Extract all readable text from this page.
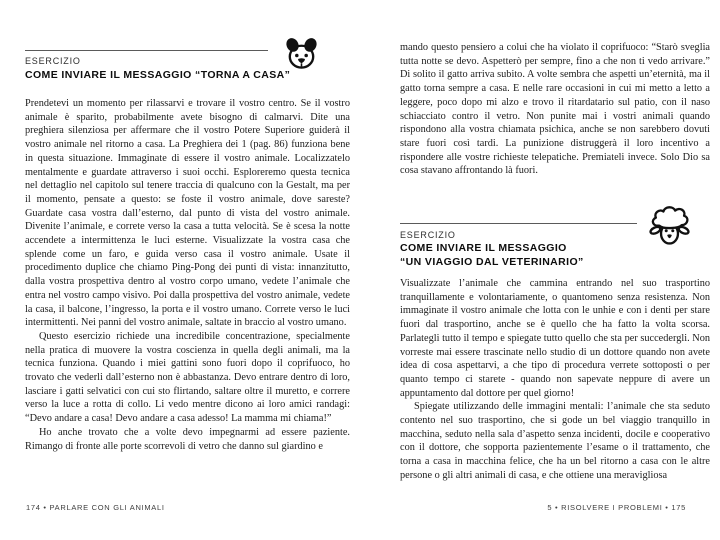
ESERCIZIO
COME INVIARE IL MESSAGGIO “TORNA A CASA”

Prendetevi un momento per rilassarvi e trovare il vostro centro. Se il vostro animale è sparito, probabilmente avete bisogno di calmarvi. Dite una preghiera silenziosa per affermare che il vostro Potere Superiore guiderà il vostro animale nel ritorno a casa. La Preghiera dei 1 (pag. 86) funziona bene in questa situazione. Immaginate di essere il vostro animale. Localizzatelo mentalmente e guardate attraverso i suoi occhi. Esploreremo questa tecnica nel dettaglio nel capitolo sul tenere traccia di qualcuno con la Gestalt, ma per il momento, pensate a questo: se foste il vostro animale, dove sareste? Guardate casa vostra dall’esterno, dal punto di vista del vostro animale. Divenite l’animale, e correte verso la casa a tutta velocità. Se è scesa la notte accendete a intermittenza le luci esterne. Visualizzate la vostra casa che splende come un faro, e guida verso casa il vostro animale. Usate il procedimento duplice che chiamo Ping-Pong dei punti di vista: innanzitutto, dalla vostra prospettiva dentro al vostro corpo umano, vedete l’animale che entra nel vostro campo visivo. Poi dalla prospettiva del vostro animale, vedete la casa, il balcone, l’ingresso, la porta e il vostro umano. Correte verso le luci intermittenti. Nei panni del vostro animale, saltate in braccio al vostro umano.

Questo esercizio richiede una incredibile concentrazione, specialmente nella pratica di muovere la vostra coscienza in quella degli animali, ma la tecnica funziona. Quando i miei gattini sono fuori dopo il coprifuoco, ho trovato che vederli dall’esterno non è abbastanza. Devo entrare dentro di loro, lasciare i gatti selvatici con cui sto flirtando, saltare oltre il muretto, e correre verso la luce a rotta di collo. Li vedo mentre dicono ai loro amici randagi: “Devo andare a casa! Devo andare a casa adesso! La mamma mi chiama!”

Ho anche trovato che a volte devo impegnarmi ad essere paziente. Rimango di fronte alle porte scorrevoli di vetro che danno sul giardino e

174 • PARLARE CON GLI ANIMALI

mando questo pensiero a colui che ha violato il coprifuoco: “Starò sveglia tutta notte se devo. Aspetterò per sempre, fino a che non ti vedo arrivare.” Di solito il gatto arriva subito. A volte sembra che aspetti un’eternità, ma il gatto torna sempre a casa. E nelle rare occasioni in cui mi metto a letto a leggere, poco dopo mi alzo e trovo il ritardatario sul patio, con il naso schiacciato contro il vetro. Non punite mai i vostri animali quando rispondono alla vostra chiamata psichica, anche se non sarebbero dovuti stare fuori così tardi. La punizione distruggerà il loro incentivo a rispondere alle vostre richieste telepatiche. Premiateli invece. Solo Dio sa cosa stavano affrontando là fuori.

ESERCIZIO
COME INVIARE IL MESSAGGIO
“UN VIAGGIO DAL VETERINARIO”

Visualizzate l’animale che cammina entrando nel suo trasportino tranquillamente e volontariamente, o quantomeno senza resistenza. Non immaginate il vostro animale che lotta con le unhie e con i denti per stare fuori dal trasportino, anche se è quello che ha fatto la volta scorsa. Parlategli tutto il tempo e spiegate tutto quello che sta per succedergli. Non vorreste mai essere trascinate nello studio di un dottore quando non avete idea di cosa aspettarvi, a che tipo di procedura verrete sottoposti o per quanto tempo ci starete - quando non sapevate neppure di avere un appuntamento dal dottore per quel giorno!

Spiegate utilizzando delle immagini mentali: l’animale che sta seduto contento nel suo trasportino, che si gode un bel viaggio tranquillo in macchina, seduto nella sala d’aspetto senza incidenti, docile e cooperativo con il dottore, che sopporta pazientemente l’esame o il trattamento, che torna a casa in macchina felice, che ha un bel ritorno a casa con le altre persone o gli altri animali di casa, e che ottiene una meravigliosa

5 • RISOLVERE I PROBLEMI • 175
